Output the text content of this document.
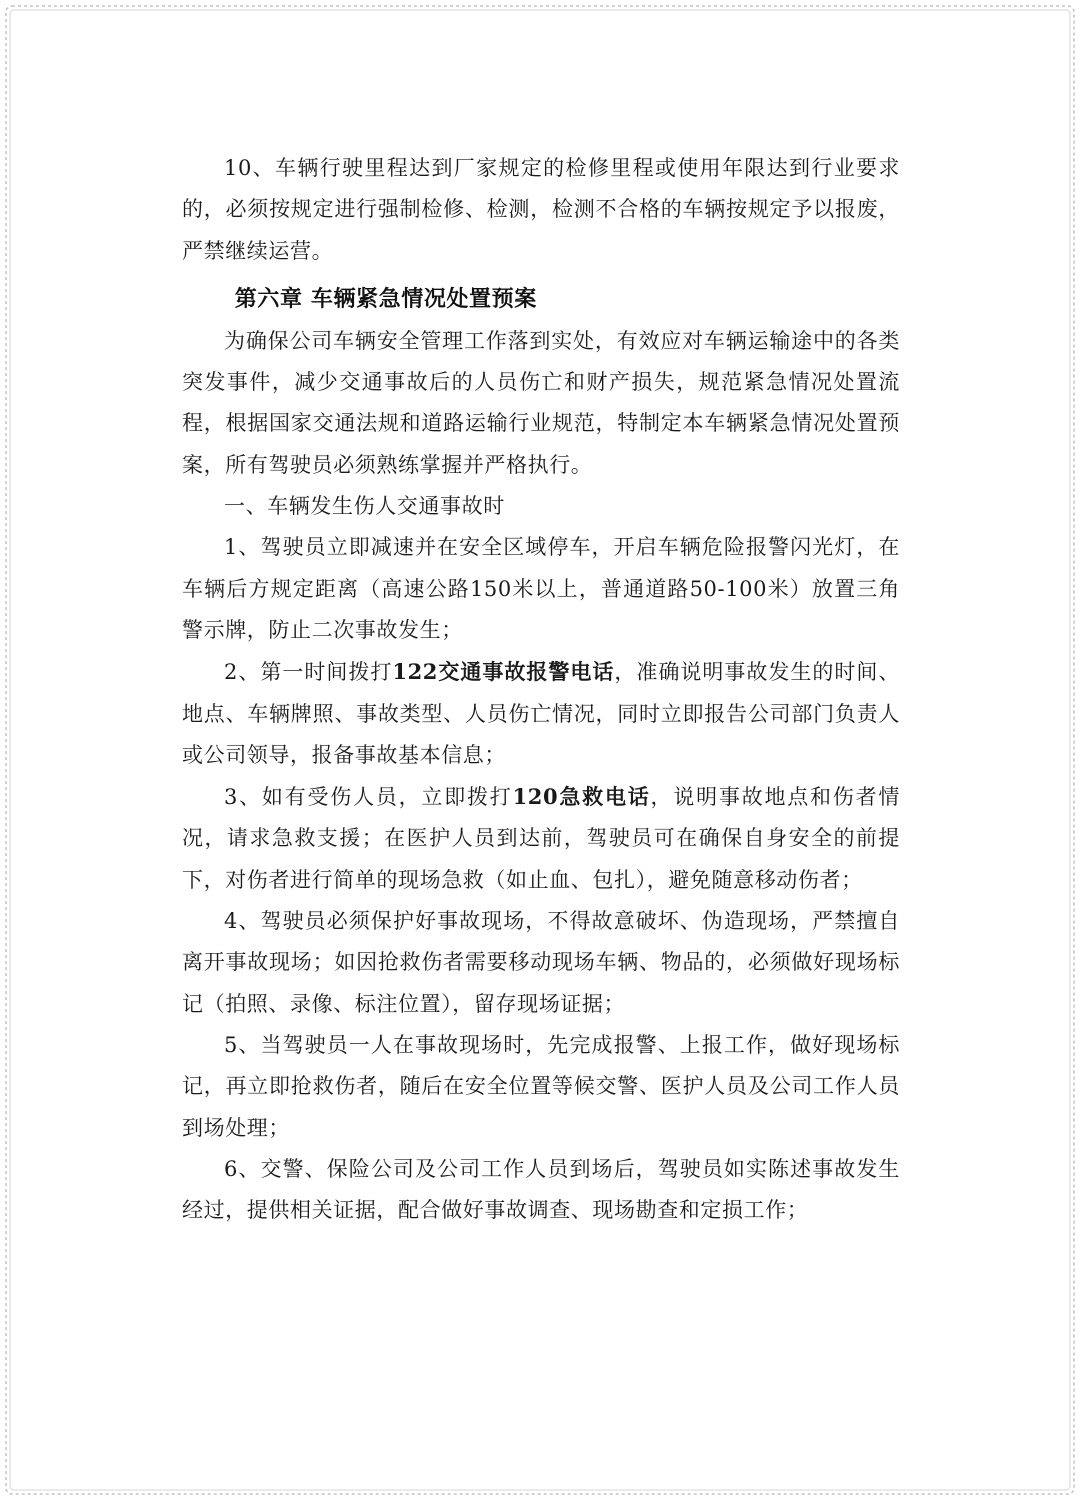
10、车辆行驶里程达到厂家规定的检修里程或使用年限达到行业要求的，必须按规定进行强制检修、检测，检测不合格的车辆按规定予以报废，严禁继续运营。

第六章 车辆紧急情况处置预案

为确保公司车辆安全管理工作落到实处，有效应对车辆运输途中的各类突发事件，减少交通事故后的人员伤亡和财产损失，规范紧急情况处置流程，根据国家交通法规和道路运输行业规范，特制定本车辆紧急情况处置预案，所有驾驶员必须熟练掌握并严格执行。

一、车辆发生伤人交通事故时

1、驾驶员立即减速并在安全区域停车，开启车辆危险报警闪光灯，在车辆后方规定距离（高速公路150米以上，普通道路50-100米）放置三角警示牌，防止二次事故发生；

2、第一时间拨打122交通事故报警电话，准确说明事故发生的时间、地点、车辆牌照、事故类型、人员伤亡情况，同时立即报告公司部门负责人或公司领导，报备事故基本信息；

3、如有受伤人员，立即拨打120急救电话，说明事故地点和伤者情况，请求急救支援；在医护人员到达前，驾驶员可在确保自身安全的前提下，对伤者进行简单的现场急救（如止血、包扎），避免随意移动伤者；

4、驾驶员必须保护好事故现场，不得故意破坏、伪造现场，严禁擅自离开事故现场；如因抢救伤者需要移动现场车辆、物品的，必须做好现场标记（拍照、录像、标注位置），留存现场证据；

5、当驾驶员一人在事故现场时，先完成报警、上报工作，做好现场标记，再立即抢救伤者，随后在安全位置等候交警、医护人员及公司工作人员到场处理；

6、交警、保险公司及公司工作人员到场后，驾驶员如实陈述事故发生经过，提供相关证据，配合做好事故调查、现场勘查和定损工作；
